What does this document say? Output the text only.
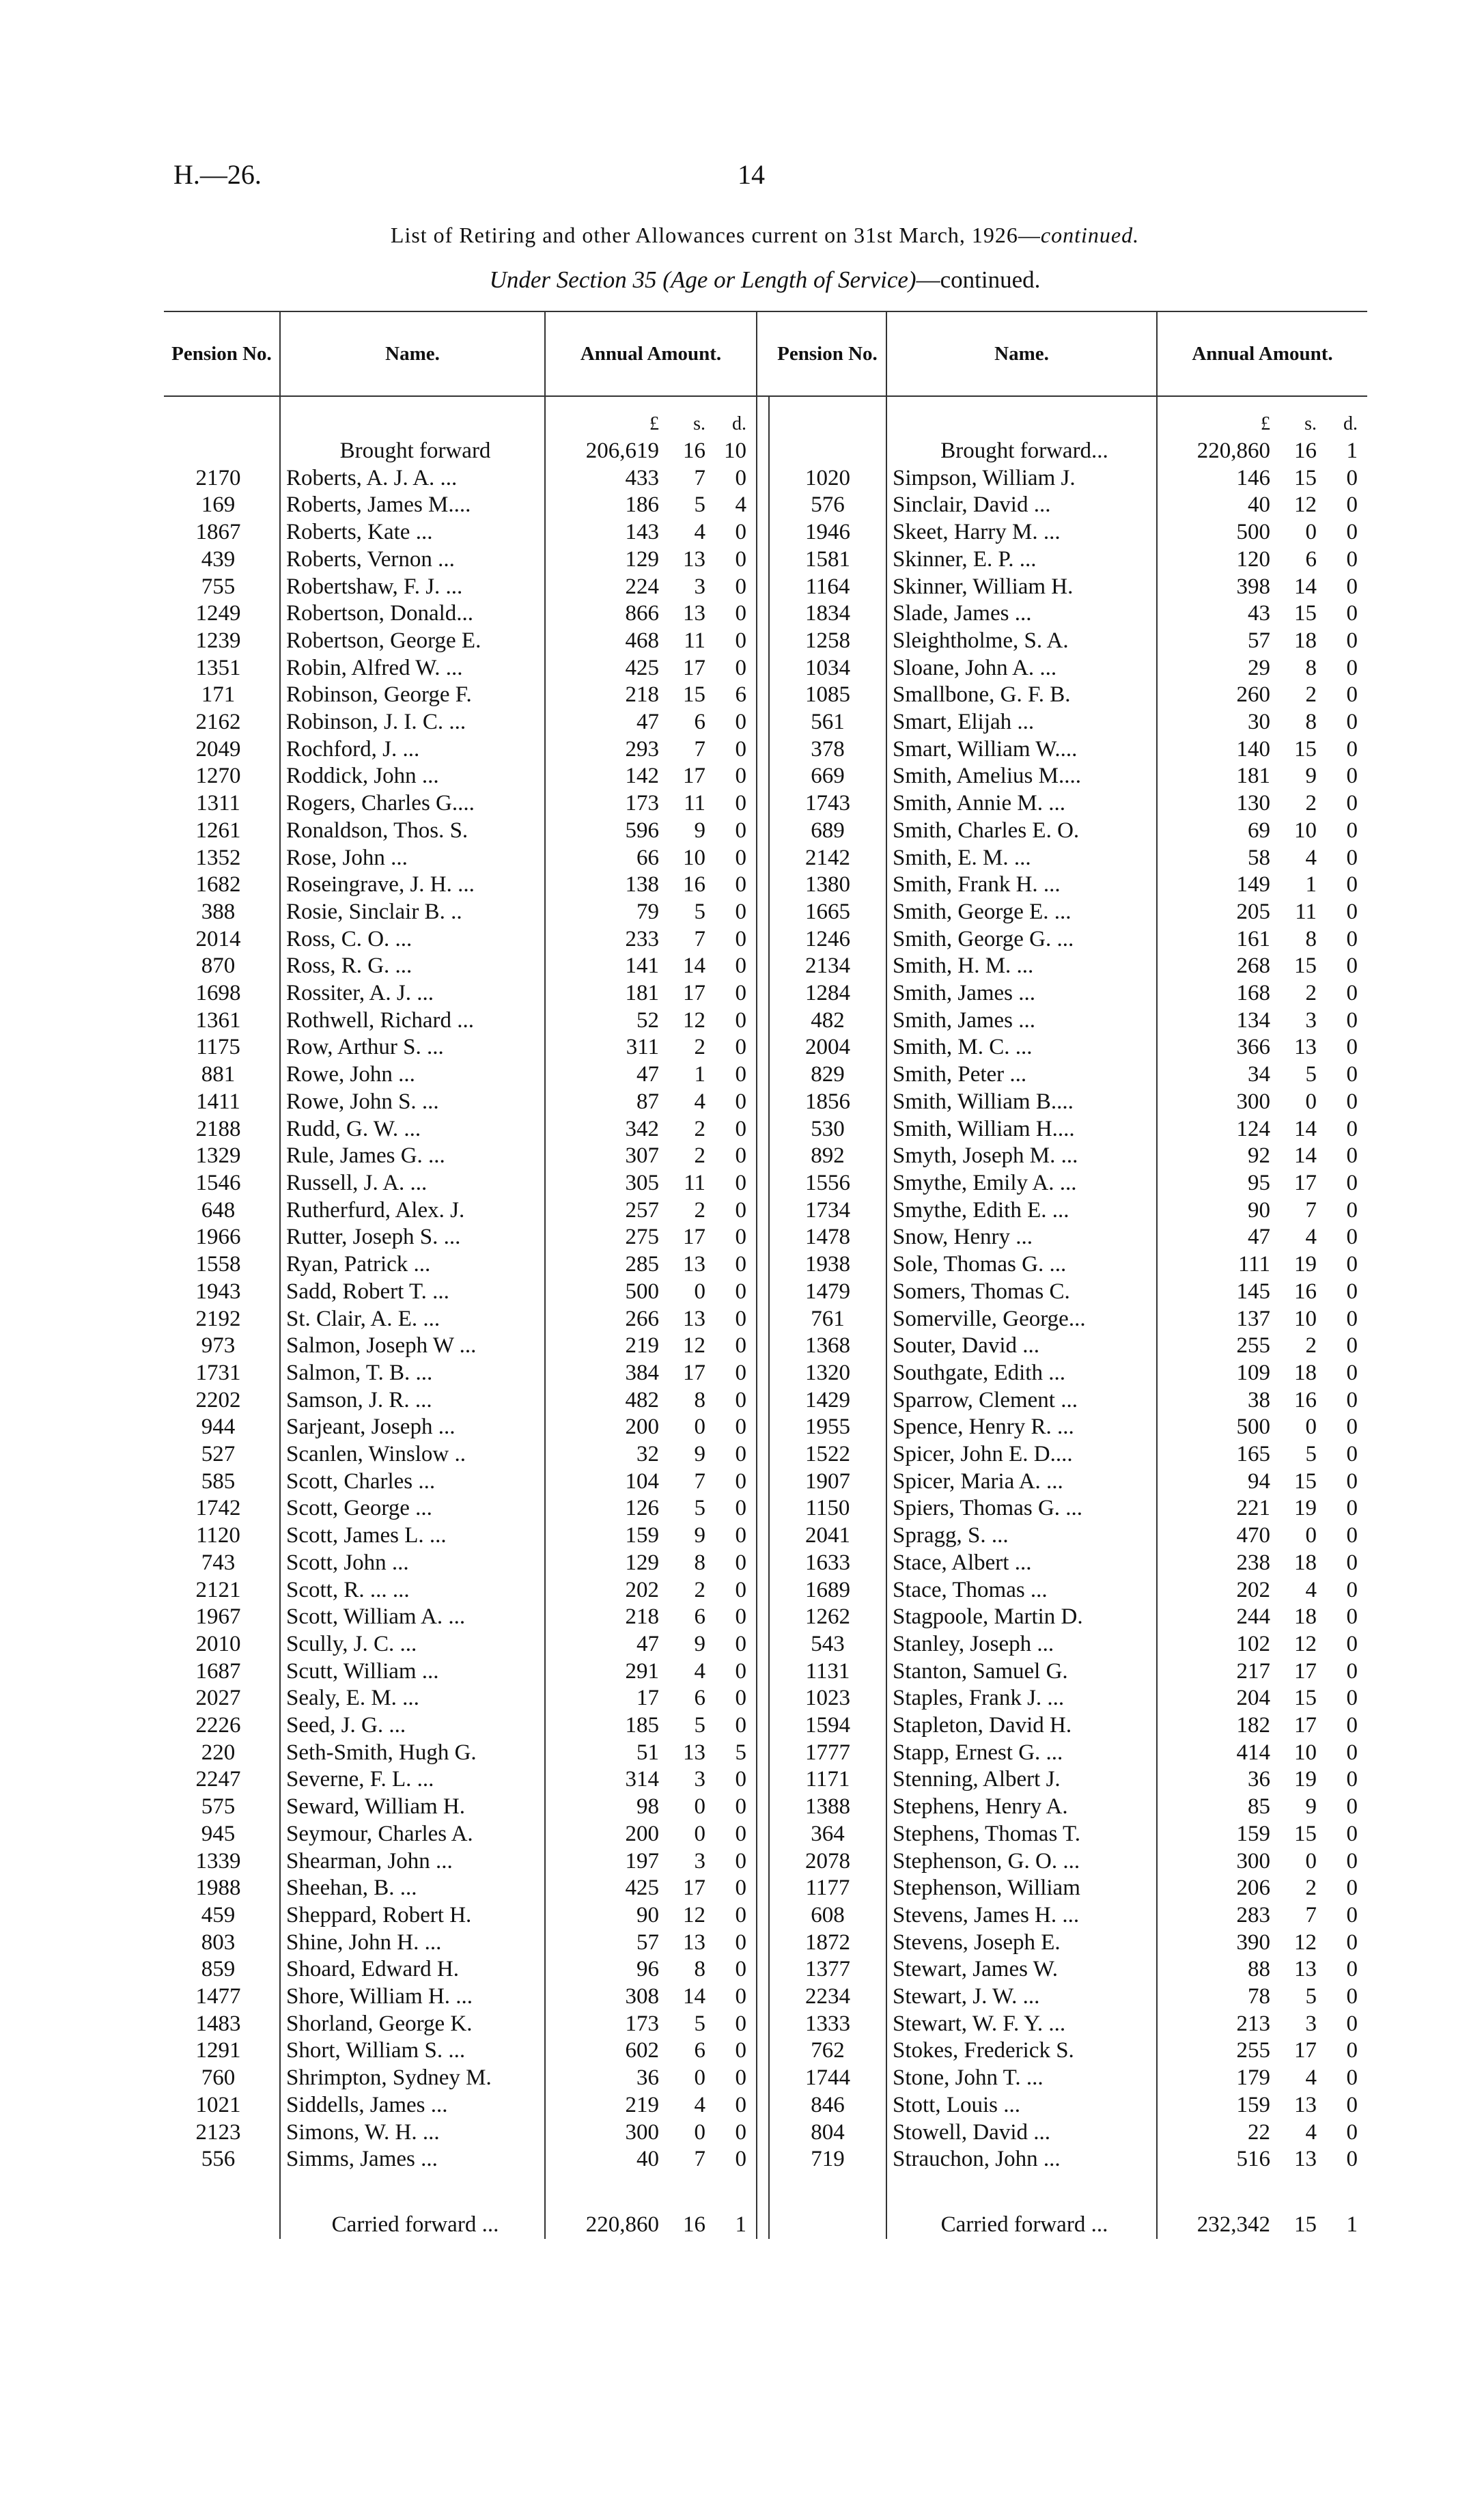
H.—26.	14
List of Retiring and other Allowances current on 31st March, 1926—continued.
Under Section 35 (Age or Length of Service)—continued.
Pension No.	Name.	Annual Amount.		Pension No.	Name.	Annual Amount.

		£ s. d.				£ s. d.

	Brought forward	206,619 16 10			Brought forward...	220,860 16 1

2170	Roberts, A. J. A. ...	433 7 0		1020	Simpson, William J.	146 15 0

169	Roberts, James M....	186 5 4		576	Sinclair, David ...	40 12 0

1867	Roberts, Kate ...	143 4 0		1946	Skeet, Harry M. ...	500 0 0

439	Roberts, Vernon ...	129 13 0		1581	Skinner, E. P. ...	120 6 0

755	Robertshaw, F. J. ...	224 3 0		1164	Skinner, William H.	398 14 0

1249	Robertson, Donald...	866 13 0		1834	Slade, James ...	43 15 0

1239	Robertson, George E.	468 11 0		1258	Sleightholme, S. A.	57 18 0

1351	Robin, Alfred W. ...	425 17 0		1034	Sloane, John A. ...	29 8 0

171	Robinson, George F.	218 15 6		1085	Smallbone, G. F. B.	260 2 0

2162	Robinson, J. I. C. ...	47 6 0		561	Smart, Elijah ...	30 8 0

2049	Rochford, J. ...	293 7 0		378	Smart, William W....	140 15 0

1270	Roddick, John ...	142 17 0		669	Smith, Amelius M....	181 9 0

1311	Rogers, Charles G....	173 11 0		1743	Smith, Annie M. ...	130 2 0

1261	Ronaldson, Thos. S.	596 9 0		689	Smith, Charles E. O.	69 10 0

1352	Rose, John ...	66 10 0		2142	Smith, E. M. ...	58 4 0

1682	Roseingrave, J. H. ...	138 16 0		1380	Smith, Frank H. ...	149 1 0

388	Rosie, Sinclair B. ..	79 5 0		1665	Smith, George E. ...	205 11 0

2014	Ross, C. O. ...	233 7 0		1246	Smith, George G. ...	161 8 0

870	Ross, R. G. ...	141 14 0		2134	Smith, H. M. ...	268 15 0

1698	Rossiter, A. J. ...	181 17 0		1284	Smith, James ...	168 2 0

1361	Rothwell, Richard ...	52 12 0		482	Smith, James ...	134 3 0

1175	Row, Arthur S. ...	311 2 0		2004	Smith, M. C. ...	366 13 0

881	Rowe, John ...	47 1 0		829	Smith, Peter ...	34 5 0

1411	Rowe, John S. ...	87 4 0		1856	Smith, William B....	300 0 0

2188	Rudd, G. W. ...	342 2 0		530	Smith, William H....	124 14 0

1329	Rule, James G. ...	307 2 0		892	Smyth, Joseph M. ...	92 14 0

1546	Russell, J. A. ...	305 11 0		1556	Smythe, Emily A. ...	95 17 0

648	Rutherfurd, Alex. J.	257 2 0		1734	Smythe, Edith E. ...	90 7 0

1966	Rutter, Joseph S. ...	275 17 0		1478	Snow, Henry ...	47 4 0

1558	Ryan, Patrick ...	285 13 0		1938	Sole, Thomas G. ...	111 19 0

1943	Sadd, Robert T. ...	500 0 0		1479	Somers, Thomas C.	145 16 0

2192	St. Clair, A. E. ...	266 13 0		761	Somerville, George...	137 10 0

973	Salmon, Joseph W ...	219 12 0		1368	Souter, David ...	255 2 0

1731	Salmon, T. B. ...	384 17 0		1320	Southgate, Edith ...	109 18 0

2202	Samson, J. R. ...	482 8 0		1429	Sparrow, Clement ...	38 16 0

944	Sarjeant, Joseph ...	200 0 0		1955	Spence, Henry R. ...	500 0 0

527	Scanlen, Winslow ..	32 9 0		1522	Spicer, John E. D....	165 5 0

585	Scott, Charles ...	104 7 0		1907	Spicer, Maria A. ...	94 15 0

1742	Scott, George ...	126 5 0		1150	Spiers, Thomas G. ...	221 19 0

1120	Scott, James L. ...	159 9 0		2041	Spragg, S. ...	470 0 0

743	Scott, John ...	129 8 0		1633	Stace, Albert ...	238 18 0

2121	Scott, R. ... ...	202 2 0		1689	Stace, Thomas ...	202 4 0

1967	Scott, William A. ...	218 6 0		1262	Stagpoole, Martin D.	244 18 0

2010	Scully, J. C. ...	47 9 0		543	Stanley, Joseph ...	102 12 0

1687	Scutt, William ...	291 4 0		1131	Stanton, Samuel G.	217 17 0

2027	Sealy, E. M. ...	17 6 0		1023	Staples, Frank J. ...	204 15 0

2226	Seed, J. G. ...	185 5 0		1594	Stapleton, David H.	182 17 0

220	Seth-Smith, Hugh G.	51 13 5		1777	Stapp, Ernest G. ...	414 10 0

2247	Severne, F. L. ...	314 3 0		1171	Stenning, Albert J.	36 19 0

575	Seward, William H.	98 0 0		1388	Stephens, Henry A.	85 9 0

945	Seymour, Charles A.	200 0 0		364	Stephens, Thomas T.	159 15 0

1339	Shearman, John ...	197 3 0		2078	Stephenson, G. O. ...	300 0 0

1988	Sheehan, B. ...	425 17 0		1177	Stephenson, William	206 2 0

459	Sheppard, Robert H.	90 12 0		608	Stevens, James H. ...	283 7 0

803	Shine, John H. ...	57 13 0		1872	Stevens, Joseph E.	390 12 0

859	Shoard, Edward H.	96 8 0		1377	Stewart, James W.	88 13 0

1477	Shore, William H. ...	308 14 0		2234	Stewart, J. W. ...	78 5 0

1483	Shorland, George K.	173 5 0		1333	Stewart, W. F. Y. ...	213 3 0

1291	Short, William S. ...	602 6 0		762	Stokes, Frederick S.	255 17 0

760	Shrimpton, Sydney M.	36 0 0		1744	Stone, John T. ...	179 4 0

1021	Siddells, James ...	219 4 0		846	Stott, Louis ...	159 13 0

2123	Simons, W. H. ...	300 0 0		804	Stowell, David ...	22 4 0

556	Simms, James ...	40 7 0		719	Strauchon, John ...	516 13 0

	Carried forward ...	220,860 16 1			Carried forward ...	232,342 15 1
